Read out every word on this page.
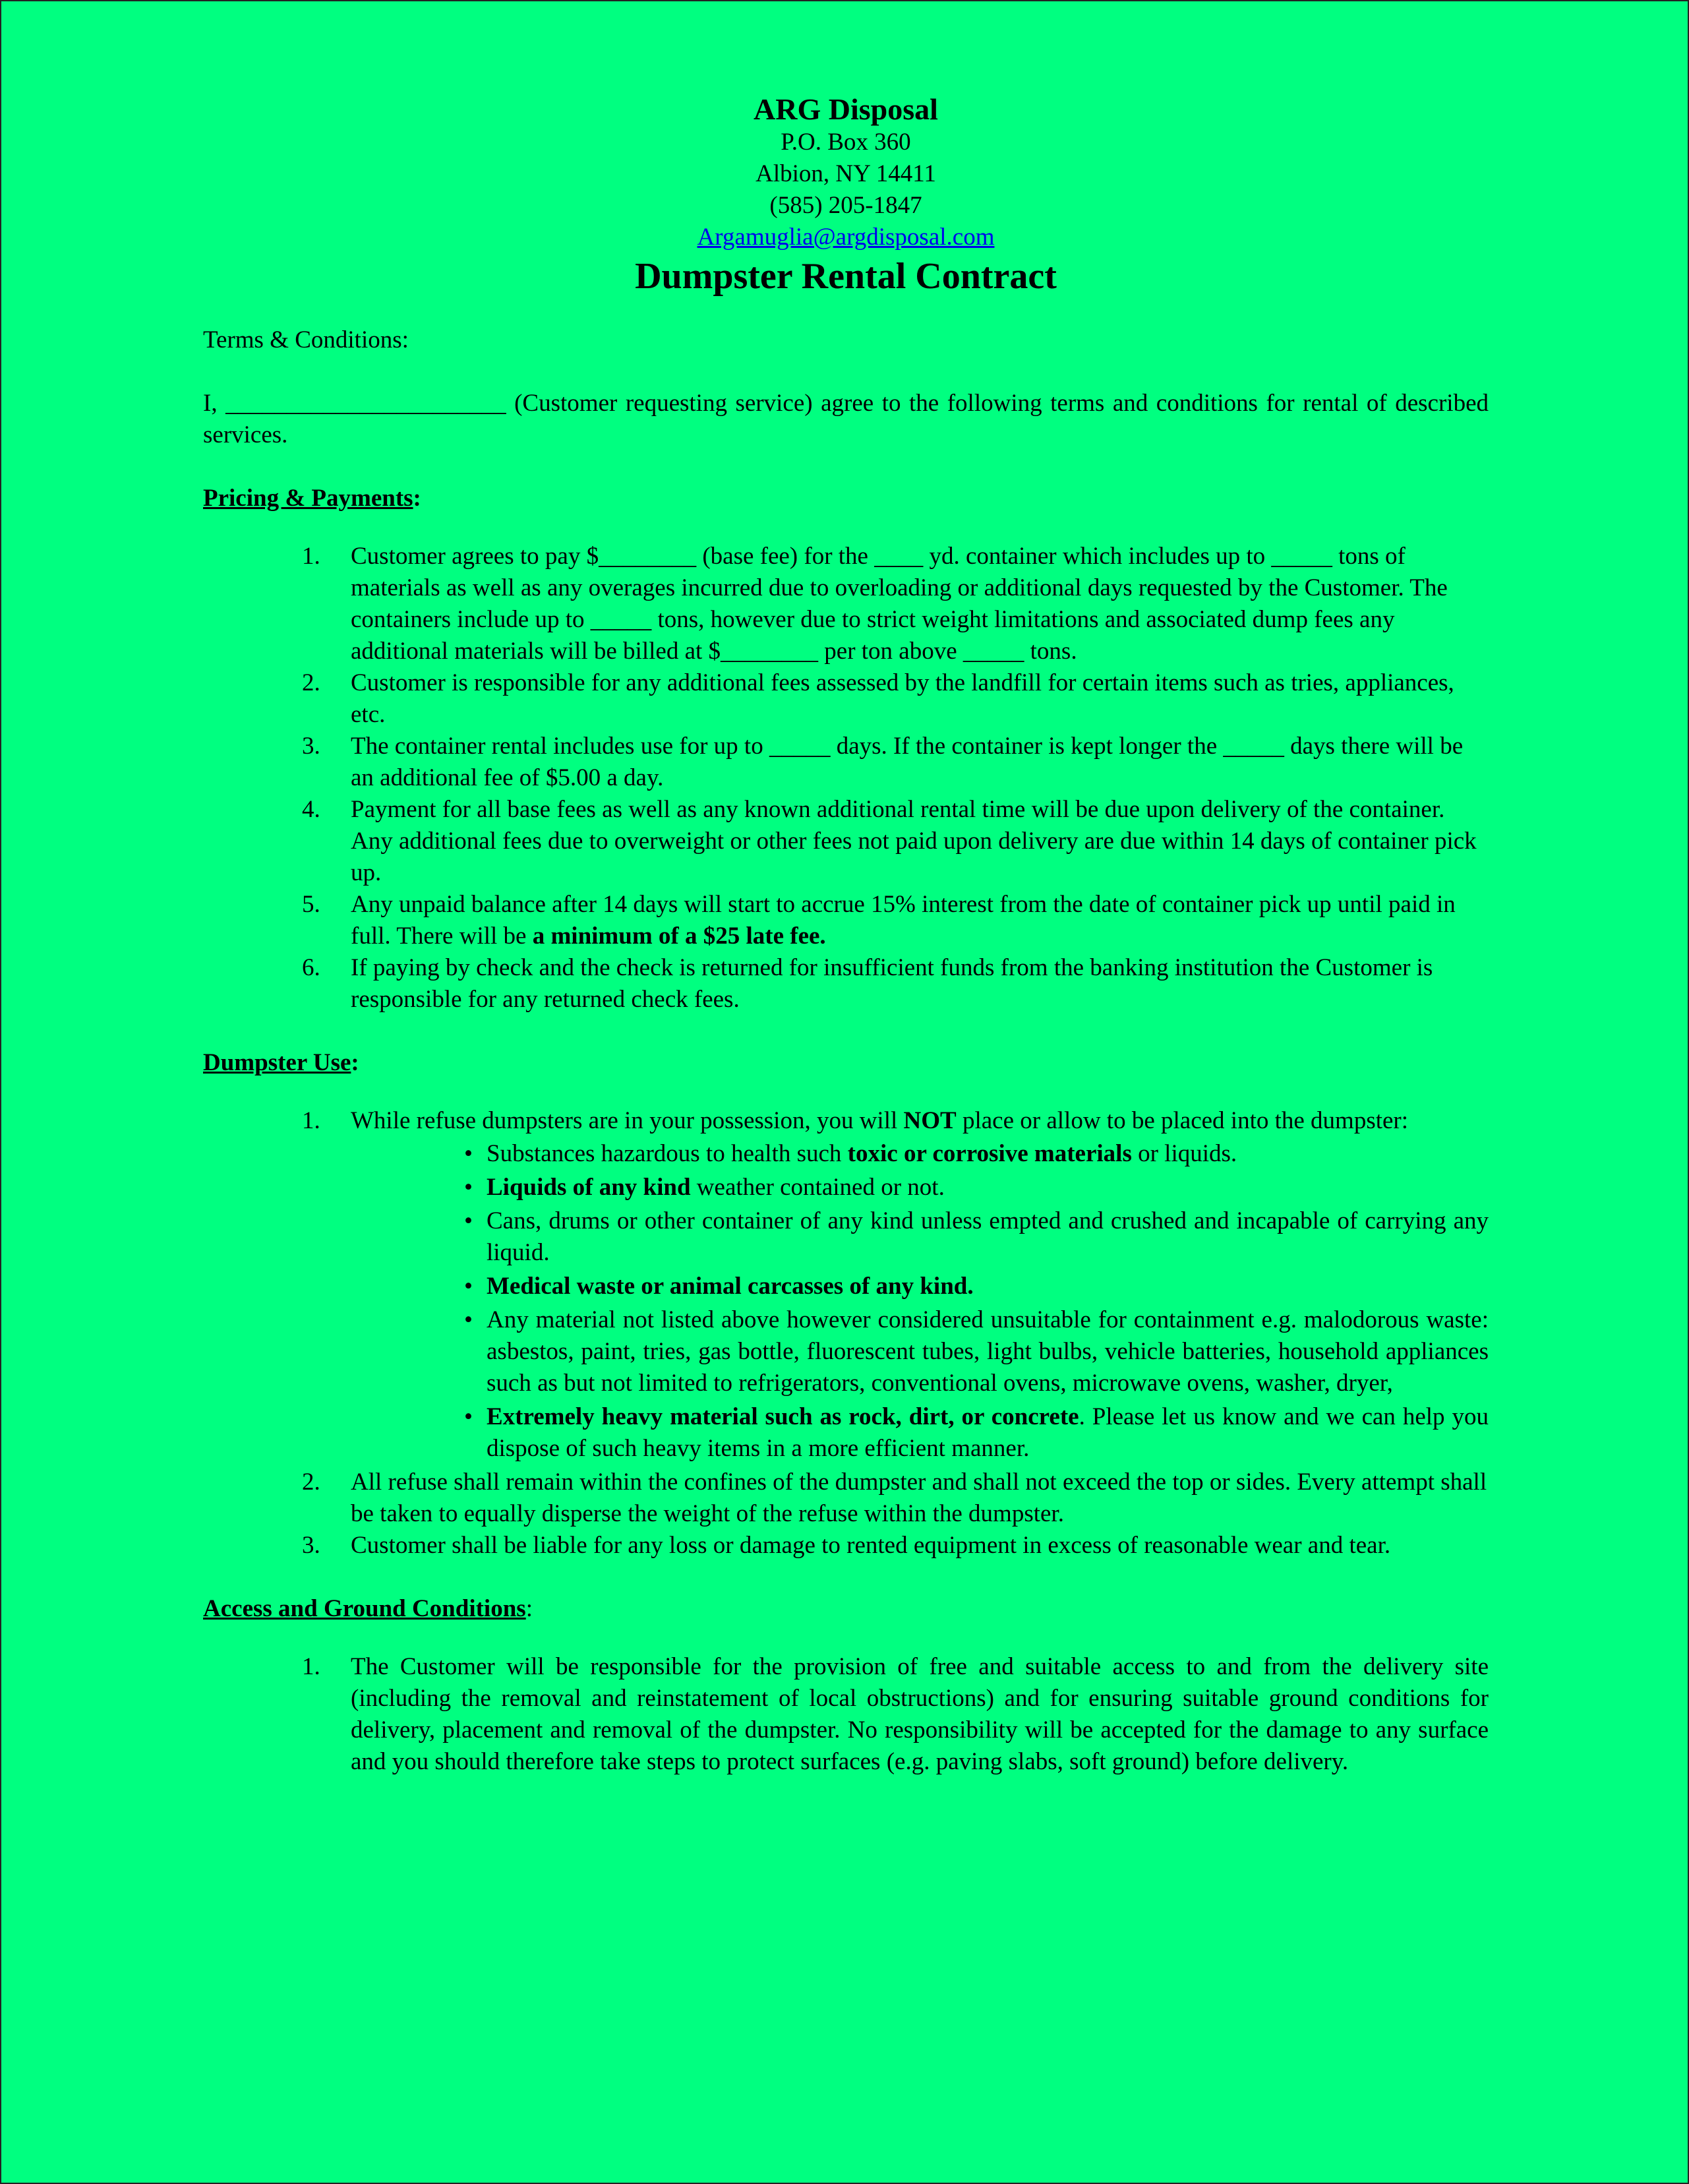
ARG Disposal
P.O. Box 360
Albion, NY 14411
(585) 205-1847
Argamuglia@argdisposal.com
Dumpster Rental Contract
Terms & Conditions:
I, _______________________ (Customer requesting service) agree to the following terms and conditions for rental of described services.
Pricing & Payments:
1. Customer agrees to pay $________ (base fee) for the ____ yd. container which includes up to _____ tons of materials as well as any overages incurred due to overloading or additional days requested by the Customer. The containers include up to _____ tons, however due to strict weight limitations and associated dump fees any additional materials will be billed at $________ per ton above _____ tons.
2. Customer is responsible for any additional fees assessed by the landfill for certain items such as tries, appliances, etc.
3. The container rental includes use for up to _____ days. If the container is kept longer the _____ days there will be an additional fee of $5.00 a day.
4. Payment for all base fees as well as any known additional rental time will be due upon delivery of the container. Any additional fees due to overweight or other fees not paid upon delivery are due within 14 days of container pick up.
5. Any unpaid balance after 14 days will start to accrue 15% interest from the date of container pick up until paid in full. There will be a minimum of a $25 late fee.
6. If paying by check and the check is returned for insufficient funds from the banking institution the Customer is responsible for any returned check fees.
Dumpster Use:
1. While refuse dumpsters are in your possession, you will NOT place or allow to be placed into the dumpster:
• Substances hazardous to health such toxic or corrosive materials or liquids.
• Liquids of any kind weather contained or not.
• Cans, drums or other container of any kind unless empted and crushed and incapable of carrying any liquid.
• Medical waste or animal carcasses of any kind.
• Any material not listed above however considered unsuitable for containment e.g. malodorous waste: asbestos, paint, tries, gas bottle, fluorescent tubes, light bulbs, vehicle batteries, household appliances such as but not limited to refrigerators, conventional ovens, microwave ovens, washer, dryer,
• Extremely heavy material such as rock, dirt, or concrete. Please let us know and we can help you dispose of such heavy items in a more efficient manner.
2. All refuse shall remain within the confines of the dumpster and shall not exceed the top or sides. Every attempt shall be taken to equally disperse the weight of the refuse within the dumpster.
3. Customer shall be liable for any loss or damage to rented equipment in excess of reasonable wear and tear.
Access and Ground Conditions:
1. The Customer will be responsible for the provision of free and suitable access to and from the delivery site (including the removal and reinstatement of local obstructions) and for ensuring suitable ground conditions for delivery, placement and removal of the dumpster. No responsibility will be accepted for the damage to any surface and you should therefore take steps to protect surfaces (e.g. paving slabs, soft ground) before delivery.
